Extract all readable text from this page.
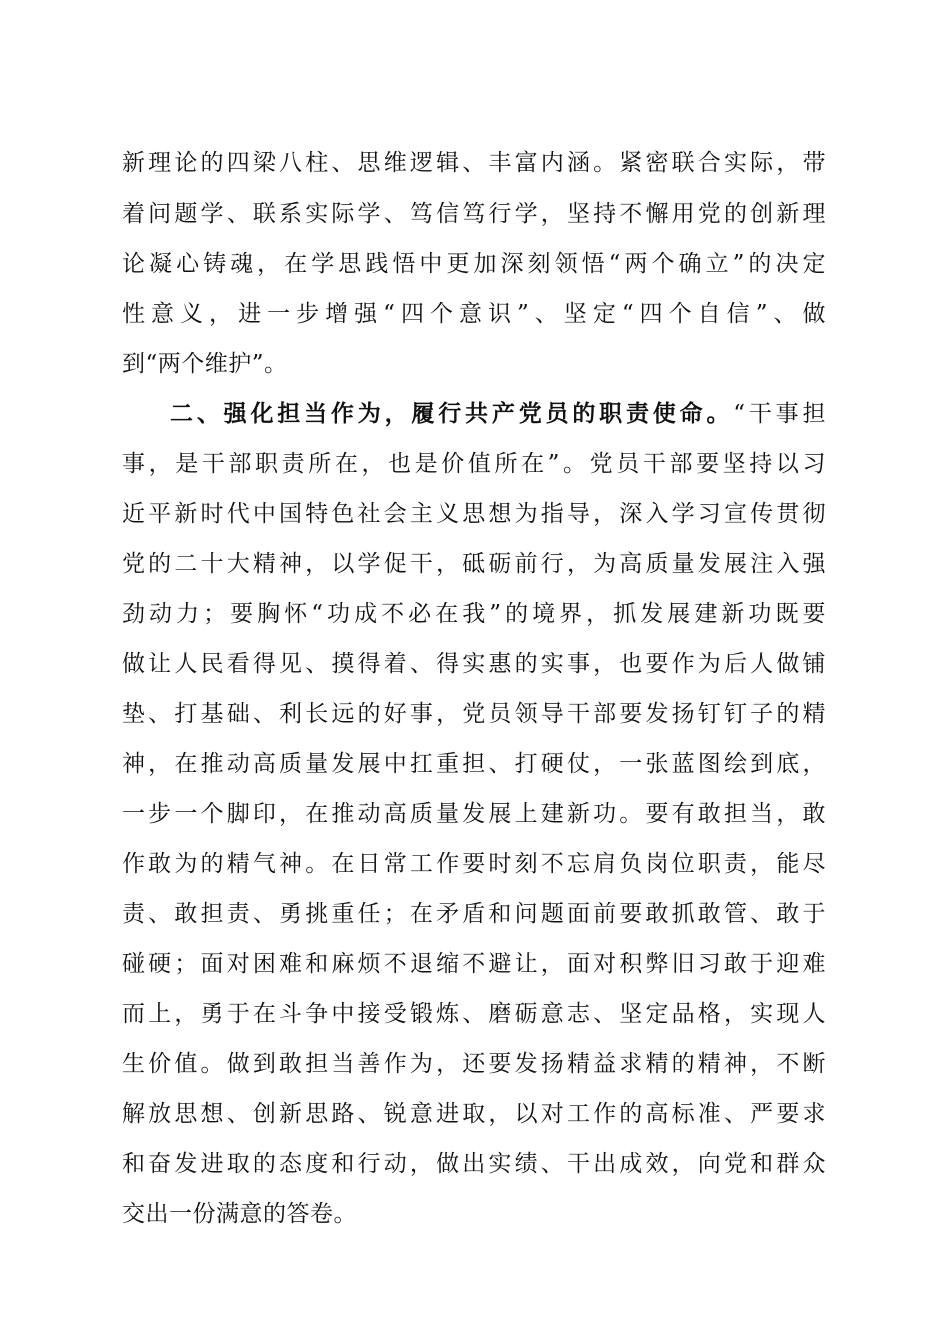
新理论的四梁八柱、思维逻辑、丰富内涵。紧密联合实际，带
着问题学、联系实际学、笃信笃行学，坚持不懈用党的创新理
论凝心铸魂，在学思践悟中更加深刻领悟“两个确立”的决定
性意义，进一步增强“四个意识”、坚定“四个自信”、做
到“两个维护”。
二、强化担当作为，履行共产党员的职责使命。“干事担
事，是干部职责所在，也是价值所在”。党员干部要坚持以习
近平新时代中国特色社会主义思想为指导，深入学习宣传贯彻
党的二十大精神，以学促干，砥砺前行，为高质量发展注入强
劲动力；要胸怀“功成不必在我”的境界，抓发展建新功既要
做让人民看得见、摸得着、得实惠的实事，也要作为后人做铺
垫、打基础、利长远的好事，党员领导干部要发扬钉钉子的精
神，在推动高质量发展中扛重担、打硬仗，一张蓝图绘到底，
一步一个脚印，在推动高质量发展上建新功。要有敢担当，敢
作敢为的精气神。在日常工作要时刻不忘肩负岗位职责，能尽
责、敢担责、勇挑重任；在矛盾和问题面前要敢抓敢管、敢于
碰硬；面对困难和麻烦不退缩不避让，面对积弊旧习敢于迎难
而上，勇于在斗争中接受锻炼、磨砺意志、坚定品格，实现人
生价值。做到敢担当善作为，还要发扬精益求精的精神，不断
解放思想、创新思路、锐意进取，以对工作的高标准、严要求
和奋发进取的态度和行动，做出实绩、干出成效，向党和群众
交出一份满意的答卷。
